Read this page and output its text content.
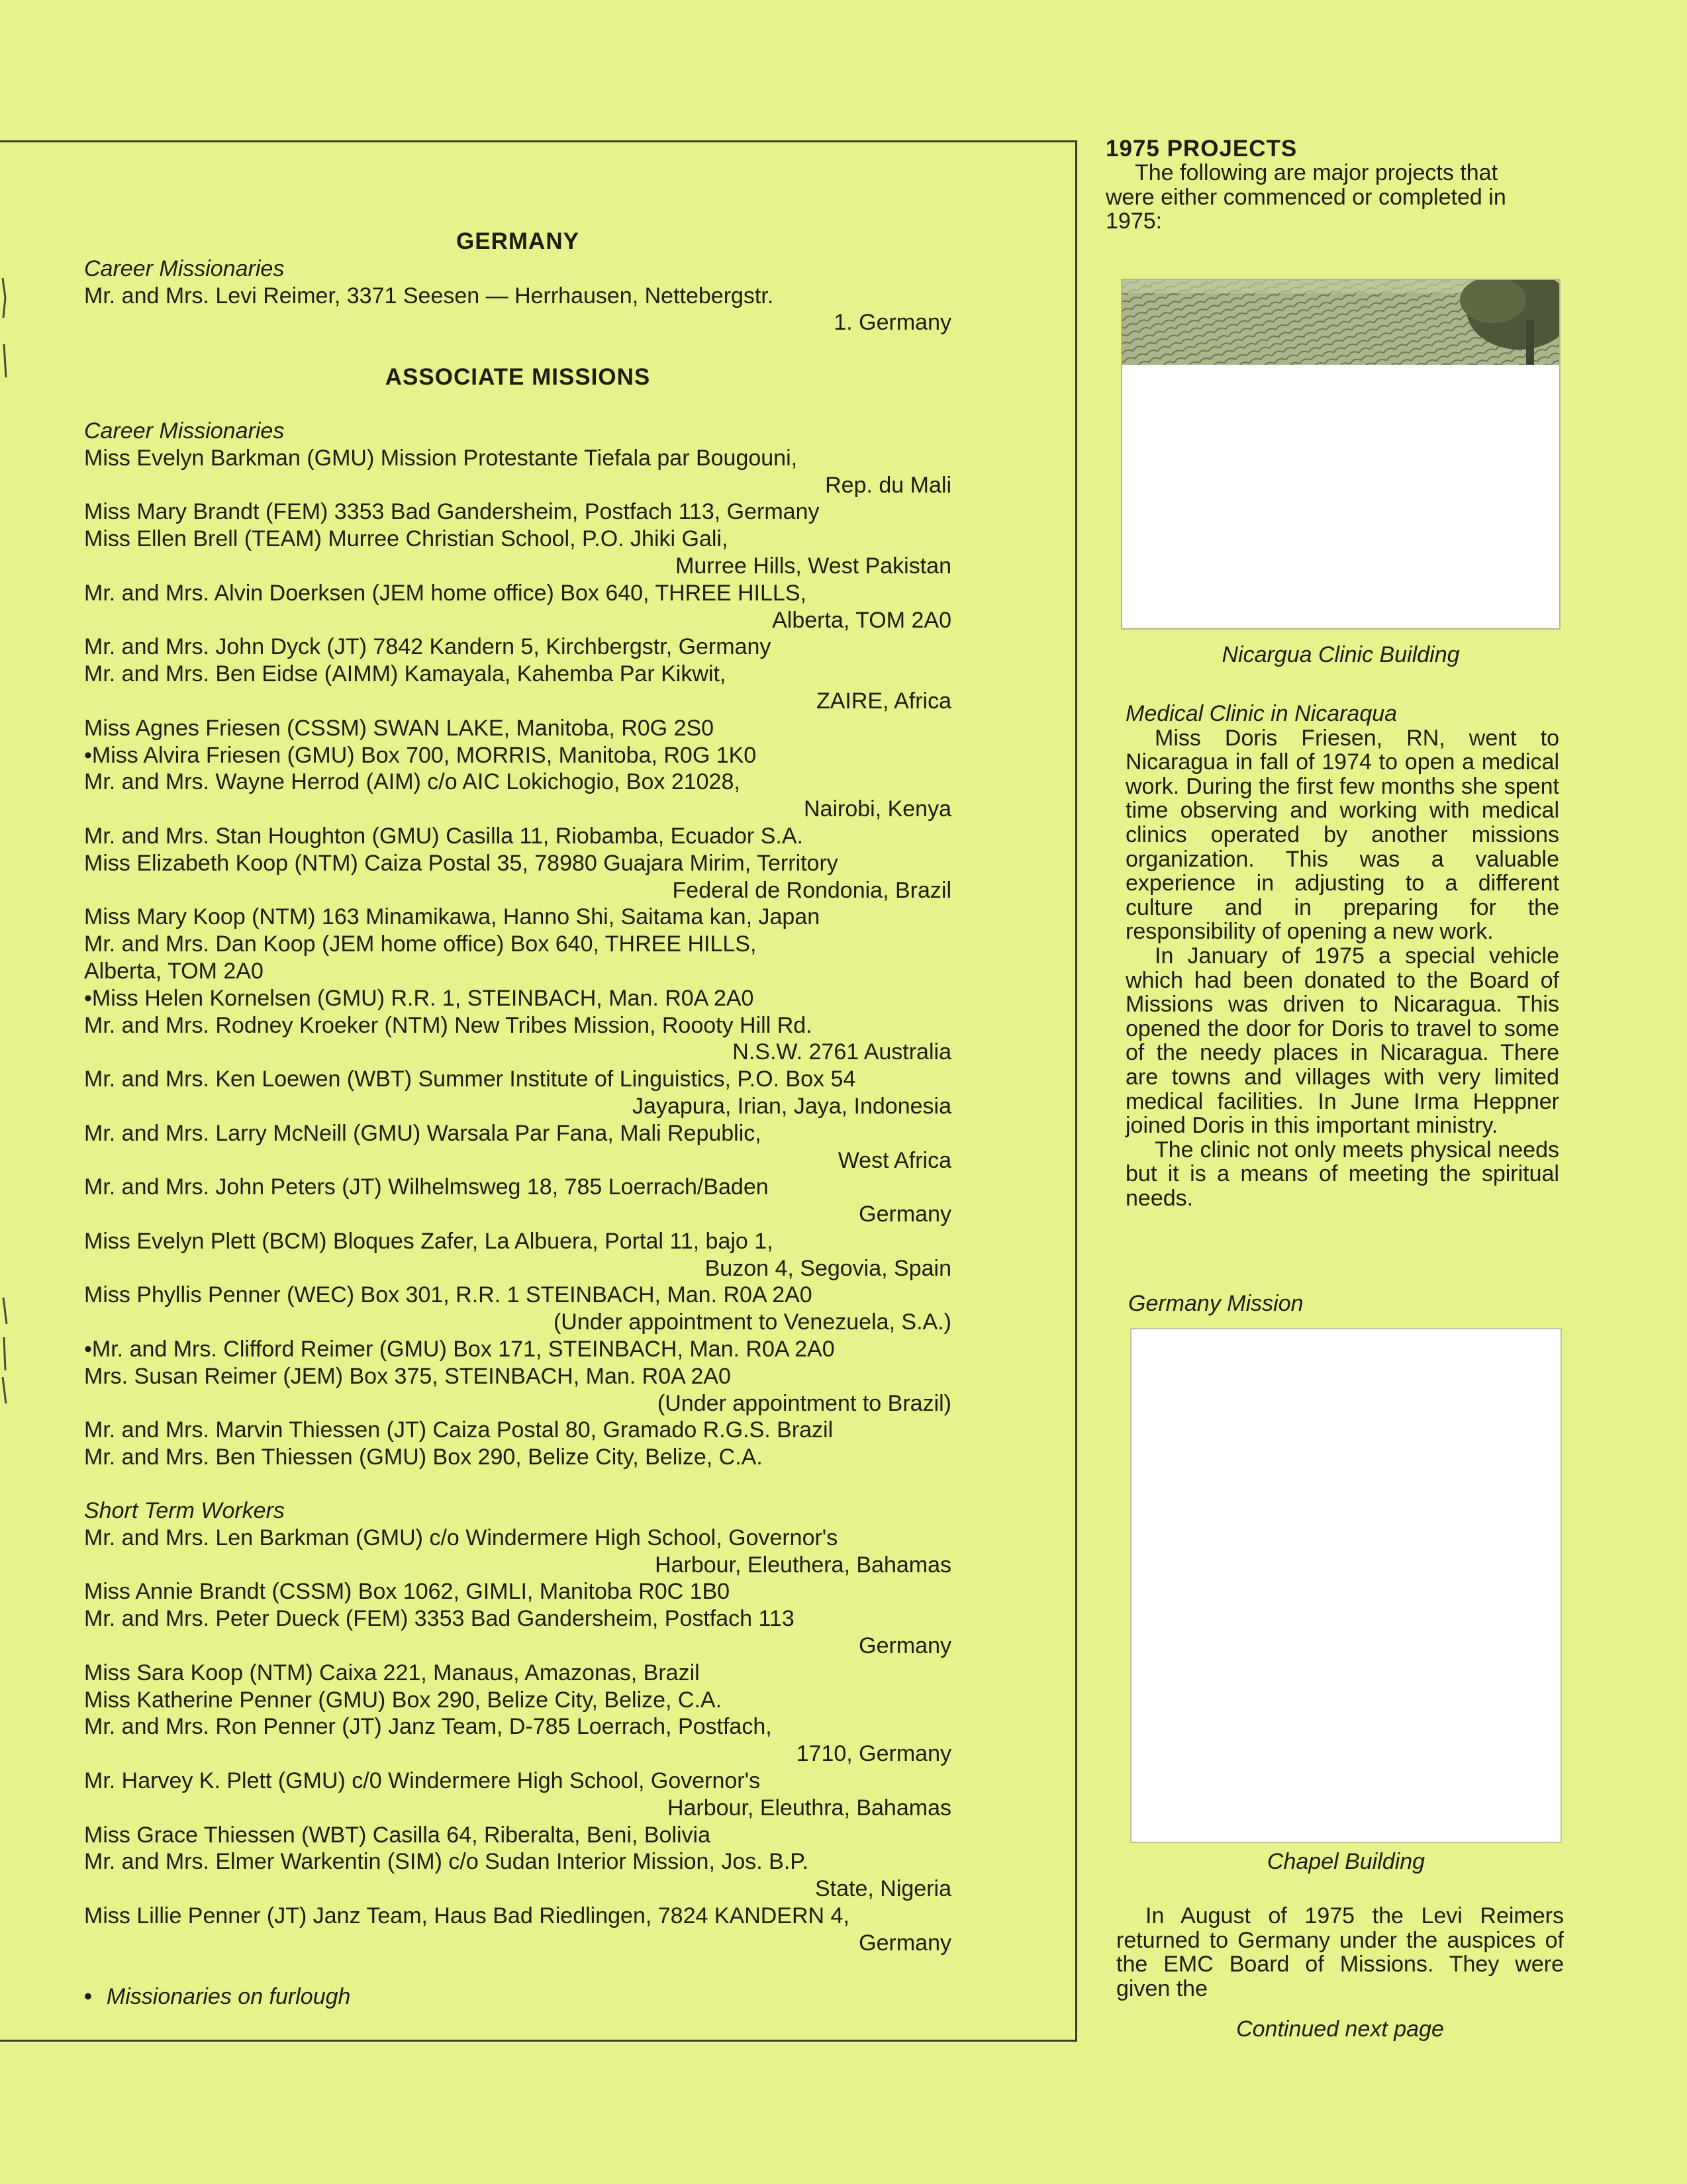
GERMANY
Career Missionaries
Mr. and Mrs. Levi Reimer, 3371 Seesen — Herrhausen, Nettebergstr.
1. Germany
ASSOCIATE MISSIONS
Career Missionaries
Miss Evelyn Barkman (GMU) Mission Protestante Tiefala par Bougouni,
Rep. du Mali
Miss Mary Brandt (FEM) 3353 Bad Gandersheim, Postfach 113, Germany
Miss Ellen Brell (TEAM) Murree Christian School, P.O. Jhiki Gali,
Murree Hills, West Pakistan
Mr. and Mrs. Alvin Doerksen (JEM home office) Box 640, THREE HILLS,
Alberta, TOM 2A0
Mr. and Mrs. John Dyck (JT) 7842 Kandern 5, Kirchbergstr, Germany
Mr. and Mrs. Ben Eidse (AIMM) Kamayala, Kahemba Par Kikwit,
ZAIRE, Africa
Miss Agnes Friesen (CSSM) SWAN LAKE, Manitoba, R0G 2S0
•Miss Alvira Friesen (GMU) Box 700, MORRIS, Manitoba, R0G 1K0
Mr. and Mrs. Wayne Herrod (AIM) c/o AIC Lokichogio, Box 21028,
Nairobi, Kenya
Mr. and Mrs. Stan Houghton (GMU) Casilla 11, Riobamba, Ecuador S.A.
Miss Elizabeth Koop (NTM) Caiza Postal 35, 78980 Guajara Mirim, Territory
Federal de Rondonia, Brazil
Miss Mary Koop (NTM) 163 Minamikawa, Hanno Shi, Saitama kan, Japan
Mr. and Mrs. Dan Koop (JEM home office) Box 640, THREE HILLS,
Alberta, TOM 2A0
•Miss Helen Kornelsen (GMU) R.R. 1, STEINBACH, Man. R0A 2A0
Mr. and Mrs. Rodney Kroeker (NTM) New Tribes Mission, Roooty Hill Rd.
N.S.W. 2761 Australia
Mr. and Mrs. Ken Loewen (WBT) Summer Institute of Linguistics, P.O. Box 54
Jayapura, Irian, Jaya, Indonesia
Mr. and Mrs. Larry McNeill (GMU) Warsala Par Fana, Mali Republic,
West Africa
Mr. and Mrs. John Peters (JT) Wilhelmsweg 18, 785 Loerrach/Baden
Germany
Miss Evelyn Plett (BCM) Bloques Zafer, La Albuera, Portal 11, bajo 1,
Buzon 4, Segovia, Spain
Miss Phyllis Penner (WEC) Box 301, R.R. 1 STEINBACH, Man. R0A 2A0
(Under appointment to Venezuela, S.A.)
•Mr. and Mrs. Clifford Reimer (GMU) Box 171, STEINBACH, Man. R0A 2A0
Mrs. Susan Reimer (JEM) Box 375, STEINBACH, Man. R0A 2A0
(Under appointment to Brazil)
Mr. and Mrs. Marvin Thiessen (JT) Caiza Postal 80, Gramado R.G.S. Brazil
Mr. and Mrs. Ben Thiessen (GMU) Box 290, Belize City, Belize, C.A.
Short Term Workers
Mr. and Mrs. Len Barkman (GMU) c/o Windermere High School, Governor's
Harbour, Eleuthera, Bahamas
Miss Annie Brandt (CSSM) Box 1062, GIMLI, Manitoba R0C 1B0
Mr. and Mrs. Peter Dueck (FEM) 3353 Bad Gandersheim, Postfach 113
Germany
Miss Sara Koop (NTM) Caixa 221, Manaus, Amazonas, Brazil
Miss Katherine Penner (GMU) Box 290, Belize City, Belize, C.A.
Mr. and Mrs. Ron Penner (JT) Janz Team, D-785 Loerrach, Postfach,
1710, Germany
Mr. Harvey K. Plett (GMU) c/0 Windermere High School, Governor's
Harbour, Eleuthra, Bahamas
Miss Grace Thiessen (WBT) Casilla 64, Riberalta, Beni, Bolivia
Mr. and Mrs. Elmer Warkentin (SIM) c/o Sudan Interior Mission, Jos. B.P.
State, Nigeria
Miss Lillie Penner (JT) Janz Team, Haus Bad Riedlingen, 7824 KANDERN 4,
Germany
• Missionaries on furlough
1975 PROJECTS
The following are major projects that were either commenced or completed in 1975:
Nicargua Clinic Building
Medical Clinic in Nicaraqua
Miss Doris Friesen, RN, went to Nicaragua in fall of 1974 to open a medical work. During the first few months she spent time observing and working with medical clinics operated by another missions organization. This was a valuable experience in adjusting to a different culture and in preparing for the responsibility of opening a new work.
In January of 1975 a special vehicle which had been donated to the Board of Missions was driven to Nicaragua. This opened the door for Doris to travel to some of the needy places in Nicaragua. There are towns and villages with very limited medical facilities. In June Irma Heppner joined Doris in this important ministry.
The clinic not only meets physical needs but it is a means of meeting the spiritual needs.
Germany Mission
Chapel Building
In August of 1975 the Levi Reimers returned to Germany under the auspices of the EMC Board of Missions. They were given the
Continued next page
